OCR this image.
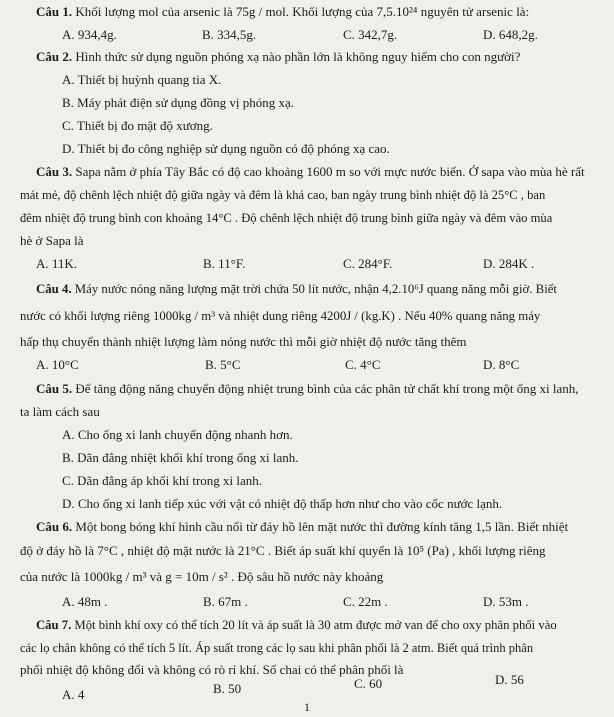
Câu 1. Khối lượng mol của arsenic là 75g / mol. Khối lượng của 7,5.10²⁴ nguyên tử arsenic là:
A. 934,4g.	B. 334,5g.	C. 342,7g.	D. 648,2g.
Câu 2. Hình thức sử dụng nguồn phóng xạ nào phần lớn là không nguy hiểm cho con người?
A. Thiết bị huỳnh quang tia X.
B. Máy phát điện sử dụng đồng vị phóng xạ.
C. Thiết bị đo mật độ xương.
D. Thiết bị đo công nghiệp sử dụng nguồn có độ phóng xạ cao.
Câu 3. Sapa nằm ở phía Tây Bắc có độ cao khoảng 1600 m so với mực nước biển. Ở sapa vào mùa hè rất
mát mẻ, độ chênh lệch nhiệt độ giữa ngày và đêm là khá cao, ban ngày trung bình nhiệt độ là 25°C , ban
đêm nhiệt độ trung bình con khoảng 14°C . Độ chênh lệch nhiệt độ trung bình giữa ngày và đêm vào mùa
hè ở Sapa là
A. 11K.	B. 11°F.	C. 284°F.	D. 284K .
Câu 4. Máy nước nóng năng lượng mặt trời chứa 50 lít nước, nhận 4,2.10⁶J quang năng mỗi giờ. Biết
nước có khối lượng riêng 1000kg / m³ và nhiệt dung riêng 4200J / (kg.K) . Nếu 40% quang năng máy
hấp thụ chuyển thành nhiệt lượng làm nóng nước thì mỗi giờ nhiệt độ nước tăng thêm
A. 10°C	B. 5°C	C. 4°C	D. 8°C
Câu 5. Để tăng động năng chuyển động nhiệt trung bình của các phân tử chất khí trong một ống xi lanh,
ta làm cách sau
A. Cho ống xi lanh chuyển động nhanh hơn.
B. Dãn đẳng nhiệt khối khí trong ống xi lanh.
C. Dãn đẳng áp khối khí trong xi lanh.
D. Cho ống xi lanh tiếp xúc với vật có nhiệt độ thấp hơn như cho vào cốc nước lạnh.
Câu 6. Một bong bóng khí hình cầu nổi từ đáy hồ lên mặt nước thì đường kính tăng 1,5 lần. Biết nhiệt
độ ở đáy hồ là 7°C , nhiệt độ mặt nước là 21°C . Biết áp suất khí quyển là 10⁵ (Pa) , khối lượng riêng
của nước là 1000kg / m³ và g = 10m / s² . Độ sâu hồ nước này khoảng
A. 48m .	B. 67m .	C. 22m .	D. 53m .
Câu 7. Một bình khí oxy có thể tích 20 lít và áp suất là 30 atm được mở van để cho oxy phân phối vào
các lọ chân không có thể tích 5 lít. Áp suất trong các lọ sau khi phân phối là 2 atm. Biết quá trình phân
phối nhiệt độ không đổi và không có rò rỉ khí. Số chai có thể phân phối là
A. 4	B. 50	C. 60	D. 56
1
